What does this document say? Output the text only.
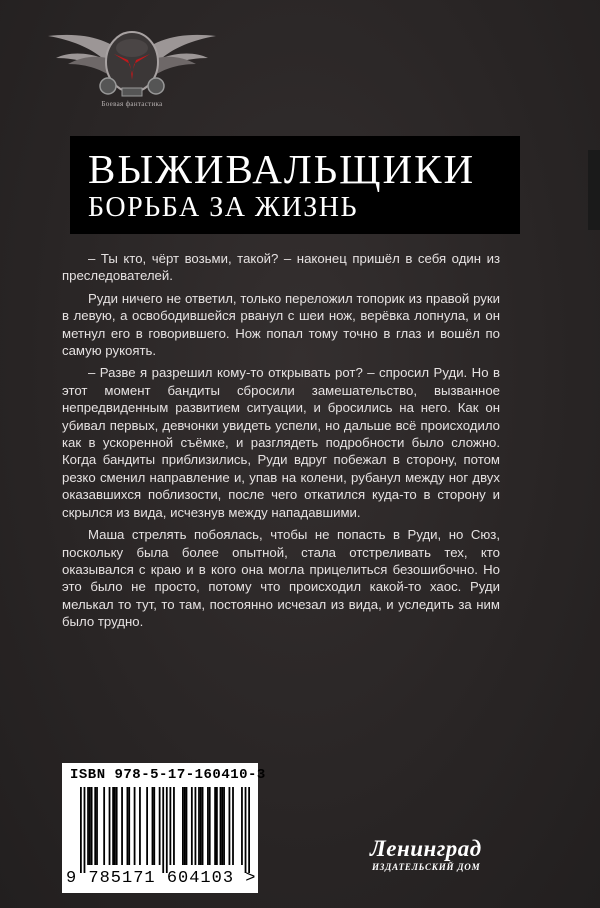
Боевая фантастика
ВЫЖИВАЛЬЩИКИ
БОРЬБА ЗА ЖИЗНЬ

– Ты кто, чёрт возьми, такой? – наконец пришёл в себя один из преследователей.

Руди ничего не ответил, только переложил топорик из правой руки в левую, а освободившейся рванул с шеи нож, верёвка лопнула, и он метнул его в говорившего. Нож попал тому точно в глаз и вошёл по самую рукоять.

– Разве я разрешил кому-то открывать рот? – спросил Руди. Но в этот момент бандиты сбросили замешательство, вызванное непредвиденным развитием ситуации, и бросились на него. Как он убивал первых, девчонки увидеть успели, но дальше всё происходило как в ускоренной съёмке, и разглядеть подробности было сложно. Когда бандиты приблизились, Руди вдруг побежал в сторону, потом резко сменил направление и, упав на колени, рубанул между ног двух оказавшихся поблизости, после чего откатился куда-то в сторону и скрылся из вида, исчезнув между нападавшими.

Маша стрелять побоялась, чтобы не попасть в Руди, но Сюз, поскольку была более опытной, стала отстреливать тех, кто оказывался с краю и в кого она могла прицелиться безошибочно. Но это было не просто, потому что происходил какой-то хаос. Руди мелькал то тут, то там, постоянно исчезал из вида, и уследить за ним было трудно.

ISBN 978-5-17-160410-3
9 785171 604103 >
Ленинград
ИЗДАТЕЛЬСКИЙ ДОМ
